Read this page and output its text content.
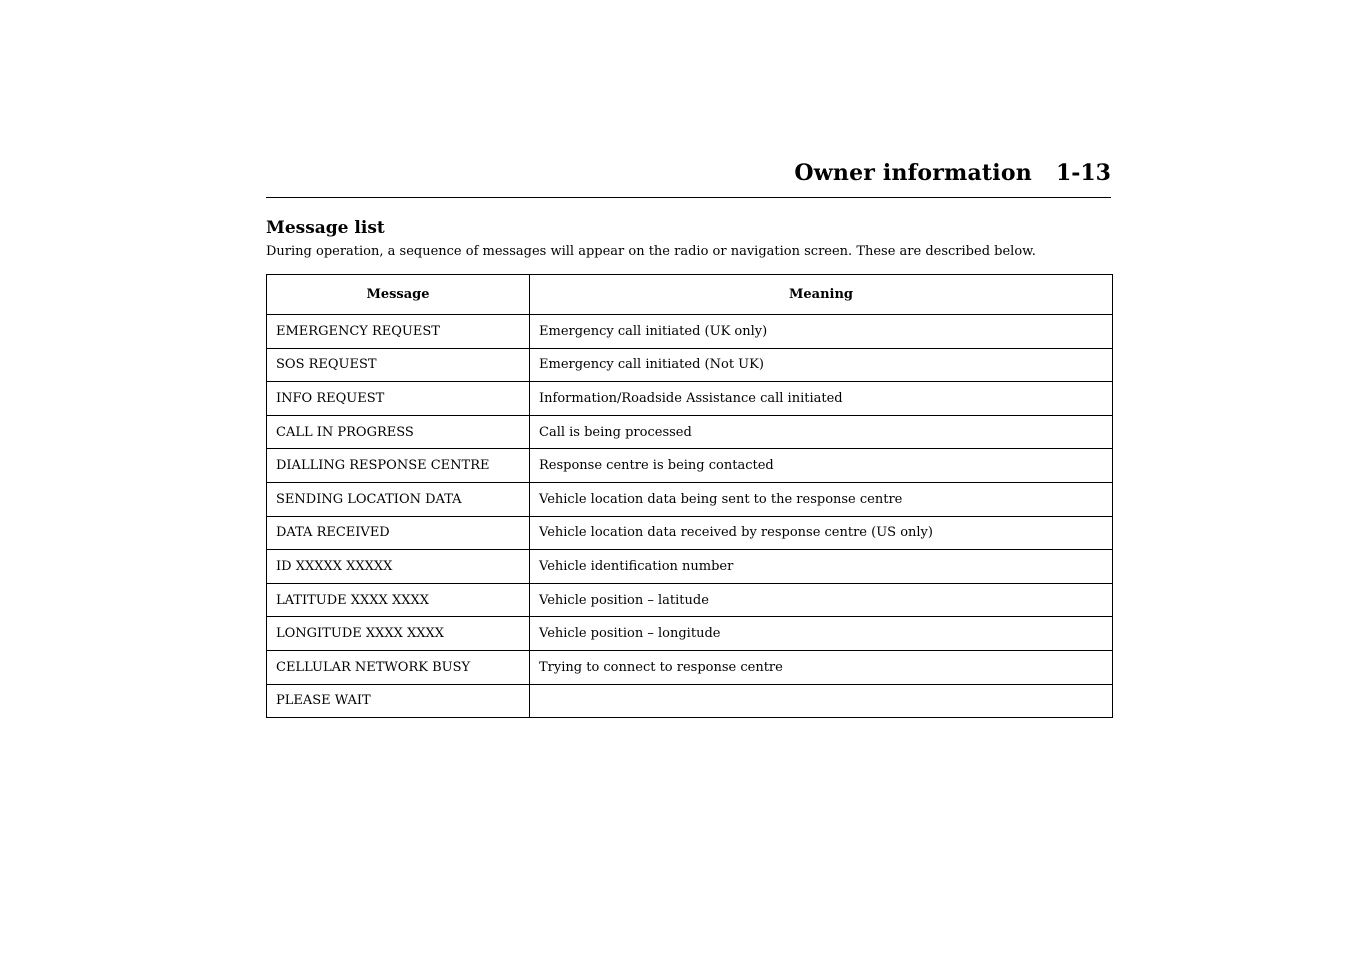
Owner information 1-13
Message list

During operation, a sequence of messages will appear on the radio or navigation screen. These are described below.

Message	Meaning
EMERGENCY REQUEST	Emergency call initiated (UK only)
SOS REQUEST	Emergency call initiated (Not UK)
INFO REQUEST	Information/Roadside Assistance call initiated
CALL IN PROGRESS	Call is being processed
DIALLING RESPONSE CENTRE	Response centre is being contacted
SENDING LOCATION DATA	Vehicle location data being sent to the response centre
DATA RECEIVED	Vehicle location data received by response centre (US only)
ID XXXXX XXXXX	Vehicle identification number
LATITUDE XXXX XXXX	Vehicle position – latitude
LONGITUDE XXXX XXXX	Vehicle position – longitude
CELLULAR NETWORK BUSY	Trying to connect to response centre
PLEASE WAIT	
